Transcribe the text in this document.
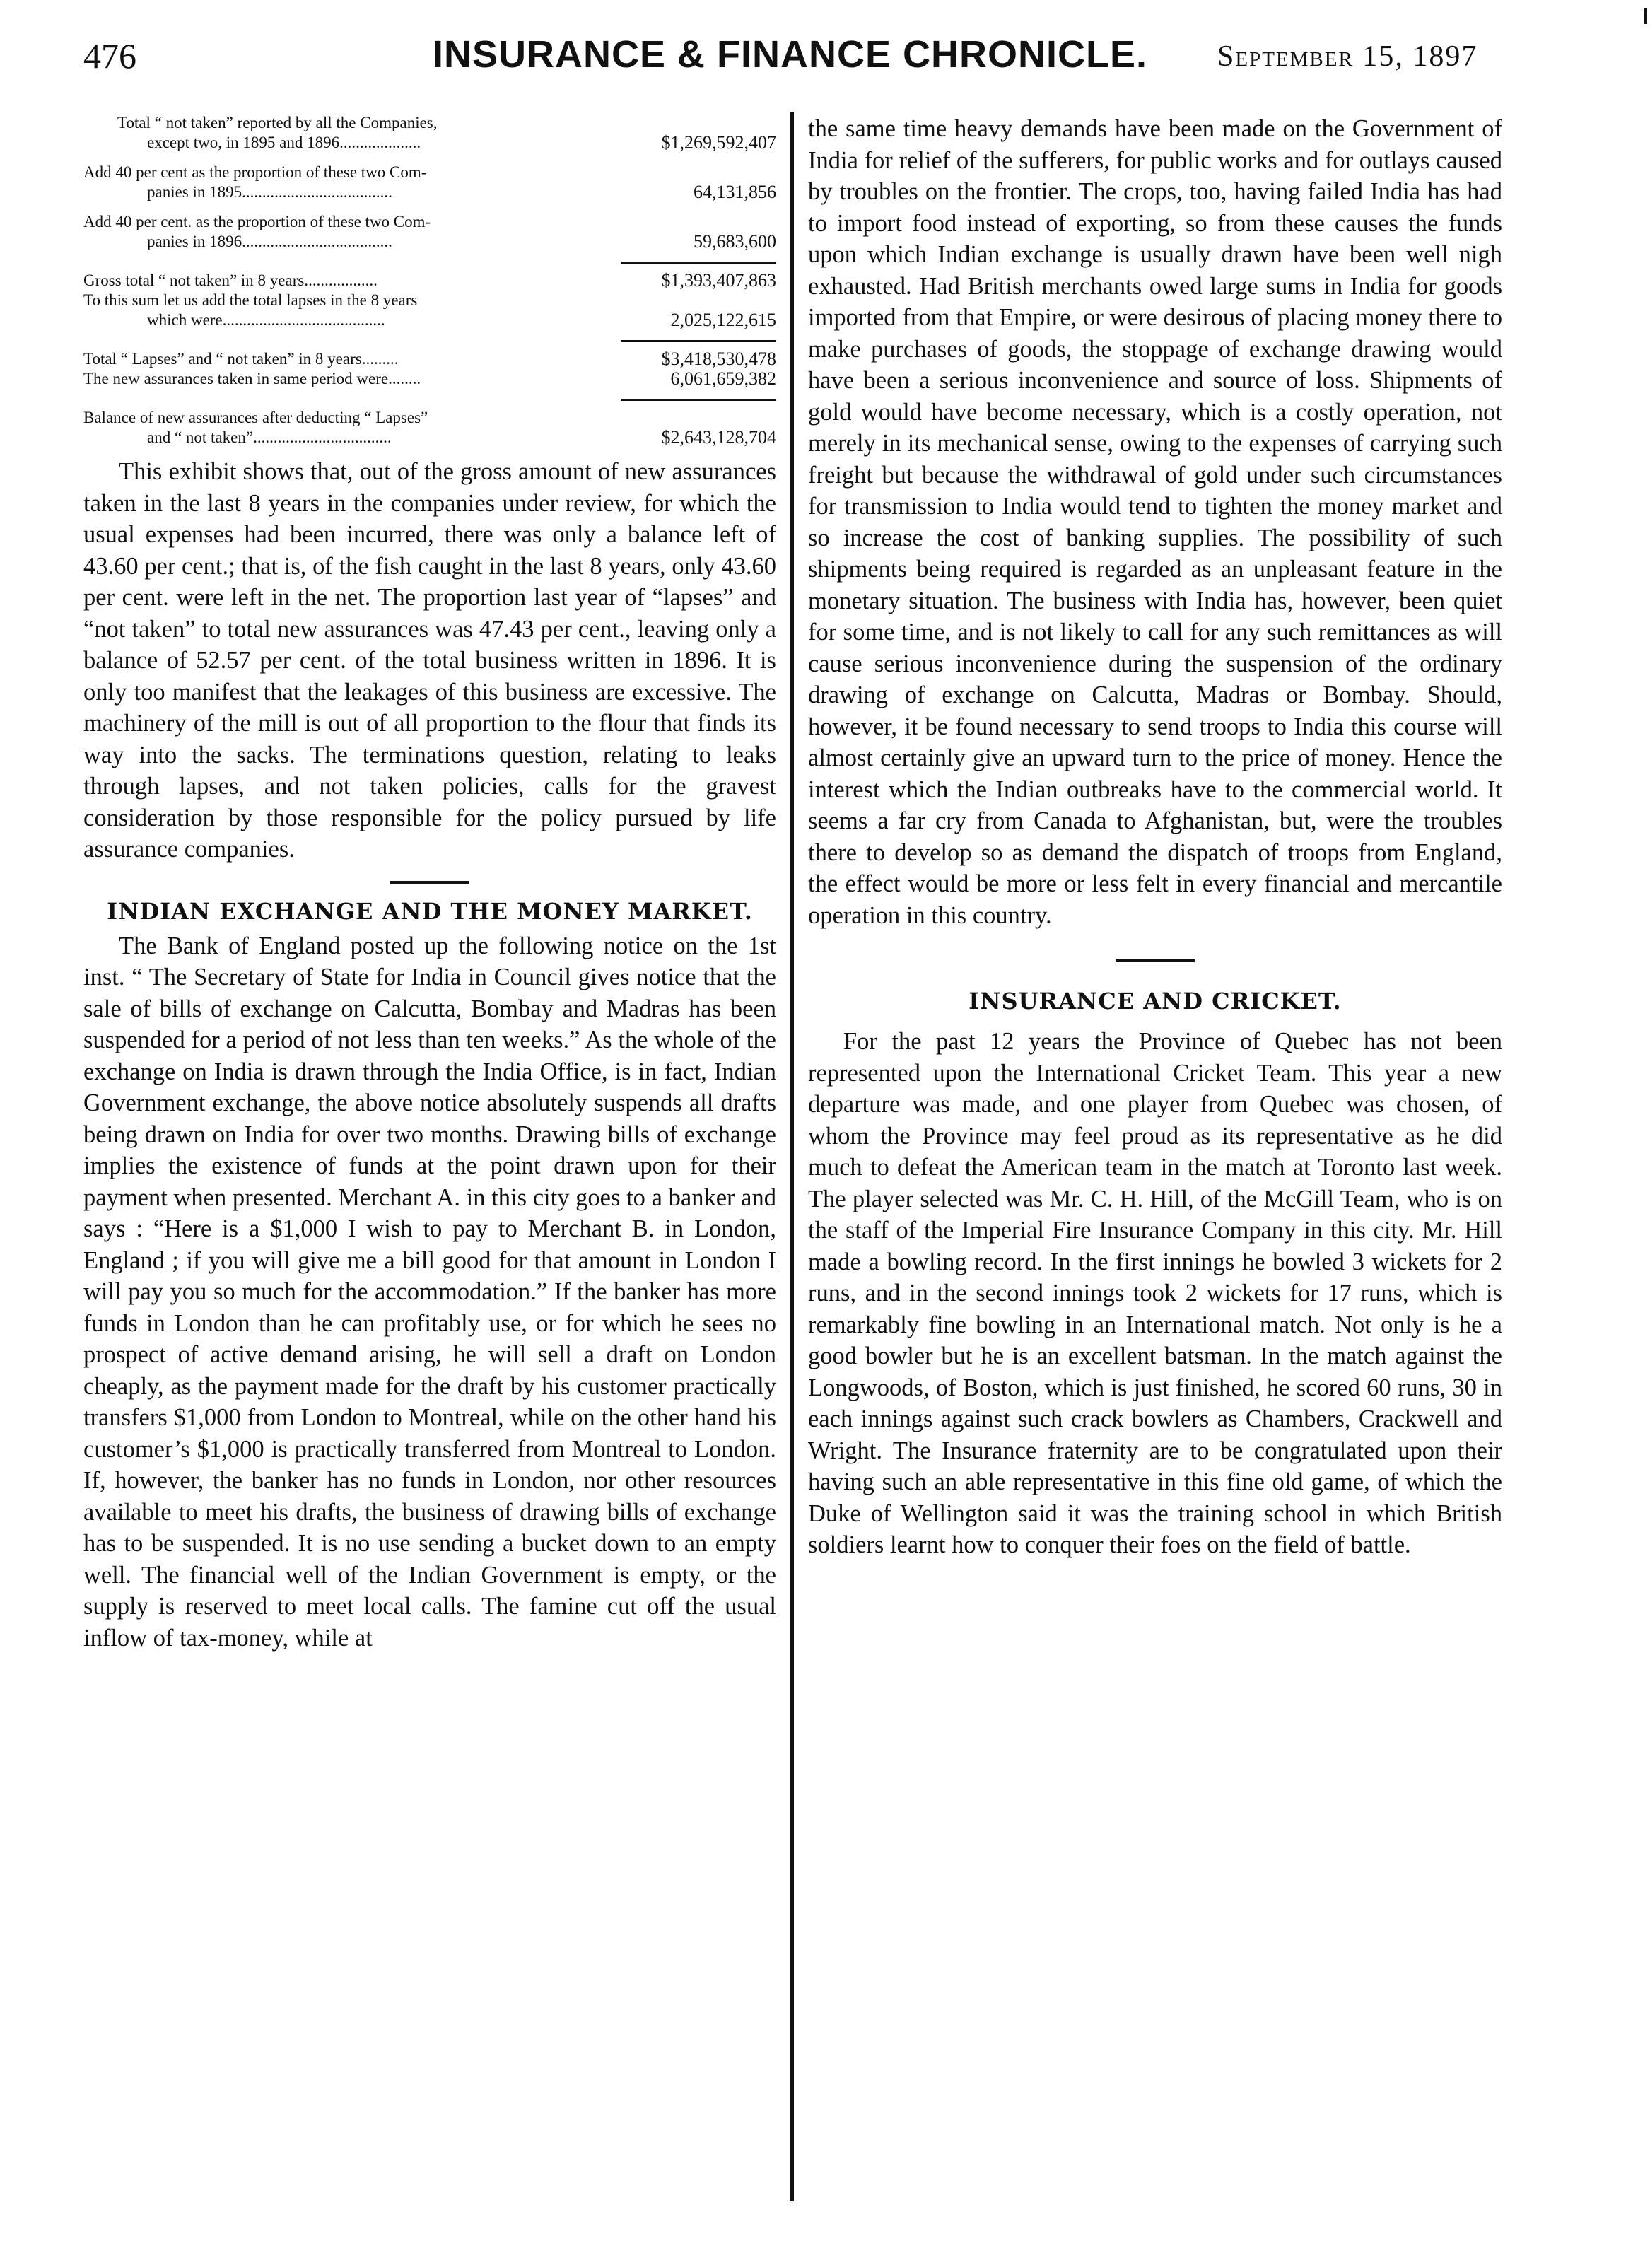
476	INSURANCE & FINANCE CHRONICLE. September 15, 1897
Total “ not taken” reported by all the Companies,
except two, in 1895 and 1896....................	$1,269,592,407
Add 40 per cent as the proportion of these two Com-
panies in 1895.....................................	64,131,856
Add 40 per cent. as the proportion of these two Com-
panies in 1896.....................................	59,683,600
Gross total “ not taken” in 8 years..................	$1,393,407,863
To this sum let us add the total lapses in the 8 years
which were........................................	2,025,122,615
Total “ Lapses” and “ not taken” in 8 years.........	$3,418,530,478
The new assurances taken in same period were........	6,061,659,382
Balance of new assurances after deducting “ Lapses”
and “ not taken”..................................	$2,643,128,704

This exhibit shows that, out of the gross amount of new assurances taken in the last 8 years in the companies under review, for which the usual expenses had been incurred, there was only a balance left of 43.60 per cent.; that is, of the fish caught in the last 8 years, only 43.60 per cent. were left in the net. The proportion last year of “lapses” and “not taken” to total new assurances was 47.43 per cent., leaving only a balance of 52.57 per cent. of the total business written in 1896. It is only too manifest that the leakages of this business are excessive. The machinery of the mill is out of all proportion to the flour that finds its way into the sacks. The terminations question, relating to leaks through lapses, and not taken policies, calls for the gravest consideration by those responsible for the policy pursued by life assurance companies.

INDIAN EXCHANGE AND THE MONEY MARKET.

The Bank of England posted up the following notice on the 1st inst. “ The Secretary of State for India in Council gives notice that the sale of bills of exchange on Calcutta, Bombay and Madras has been suspended for a period of not less than ten weeks.” As the whole of the exchange on India is drawn through the India Office, is in fact, Indian Government exchange, the above notice absolutely suspends all drafts being drawn on India for over two months. Drawing bills of exchange implies the existence of funds at the point drawn upon for their payment when presented. Merchant A. in this city goes to a banker and says : “Here is a $1,000 I wish to pay to Merchant B. in London, England ; if you will give me a bill good for that amount in London I will pay you so much for the accommodation.” If the banker has more funds in London than he can profitably use, or for which he sees no prospect of active demand arising, he will sell a draft on London cheaply, as the payment made for the draft by his customer practically transfers $1,000 from London to Montreal, while on the other hand his customer’s $1,000 is practically transferred from Montreal to London. If, however, the banker has no funds in London, nor other resources available to meet his drafts, the business of drawing bills of exchange has to be suspended. It is no use sending a bucket down to an empty well. The financial well of the Indian Government is empty, or the supply is reserved to meet local calls. The famine cut off the usual inflow of tax-money, while at

the same time heavy demands have been made on the Government of India for relief of the sufferers, for public works and for outlays caused by troubles on the frontier. The crops, too, having failed India has had to import food instead of exporting, so from these causes the funds upon which Indian exchange is usually drawn have been well nigh exhausted. Had British merchants owed large sums in India for goods imported from that Empire, or were desirous of placing money there to make purchases of goods, the stoppage of exchange drawing would have been a serious inconvenience and source of loss. Shipments of gold would have become necessary, which is a costly operation, not merely in its mechanical sense, owing to the expenses of carrying such freight but because the withdrawal of gold under such circumstances for transmission to India would tend to tighten the money market and so increase the cost of banking supplies. The possibility of such shipments being required is regarded as an unpleasant feature in the monetary situation. The business with India has, however, been quiet for some time, and is not likely to call for any such remittances as will cause serious inconvenience during the suspension of the ordinary drawing of exchange on Calcutta, Madras or Bombay. Should, however, it be found necessary to send troops to India this course will almost certainly give an upward turn to the price of money. Hence the interest which the Indian outbreaks have to the commercial world. It seems a far cry from Canada to Afghanistan, but, were the troubles there to develop so as demand the dispatch of troops from England, the effect would be more or less felt in every financial and mercantile operation in this country.

INSURANCE AND CRICKET.

For the past 12 years the Province of Quebec has not been represented upon the International Cricket Team. This year a new departure was made, and one player from Quebec was chosen, of whom the Province may feel proud as its representative as he did much to defeat the American team in the match at Toronto last week. The player selected was Mr. C. H. Hill, of the McGill Team, who is on the staff of the Imperial Fire Insurance Company in this city. Mr. Hill made a bowling record. In the first innings he bowled 3 wickets for 2 runs, and in the second innings took 2 wickets for 17 runs, which is remarkably fine bowling in an International match. Not only is he a good bowler but he is an excellent batsman. In the match against the Longwoods, of Boston, which is just finished, he scored 60 runs, 30 in each innings against such crack bowlers as Chambers, Crackwell and Wright. The Insurance fraternity are to be congratulated upon their having such an able representative in this fine old game, of which the Duke of Wellington said it was the training school in which British soldiers learnt how to conquer their foes on the field of battle.
